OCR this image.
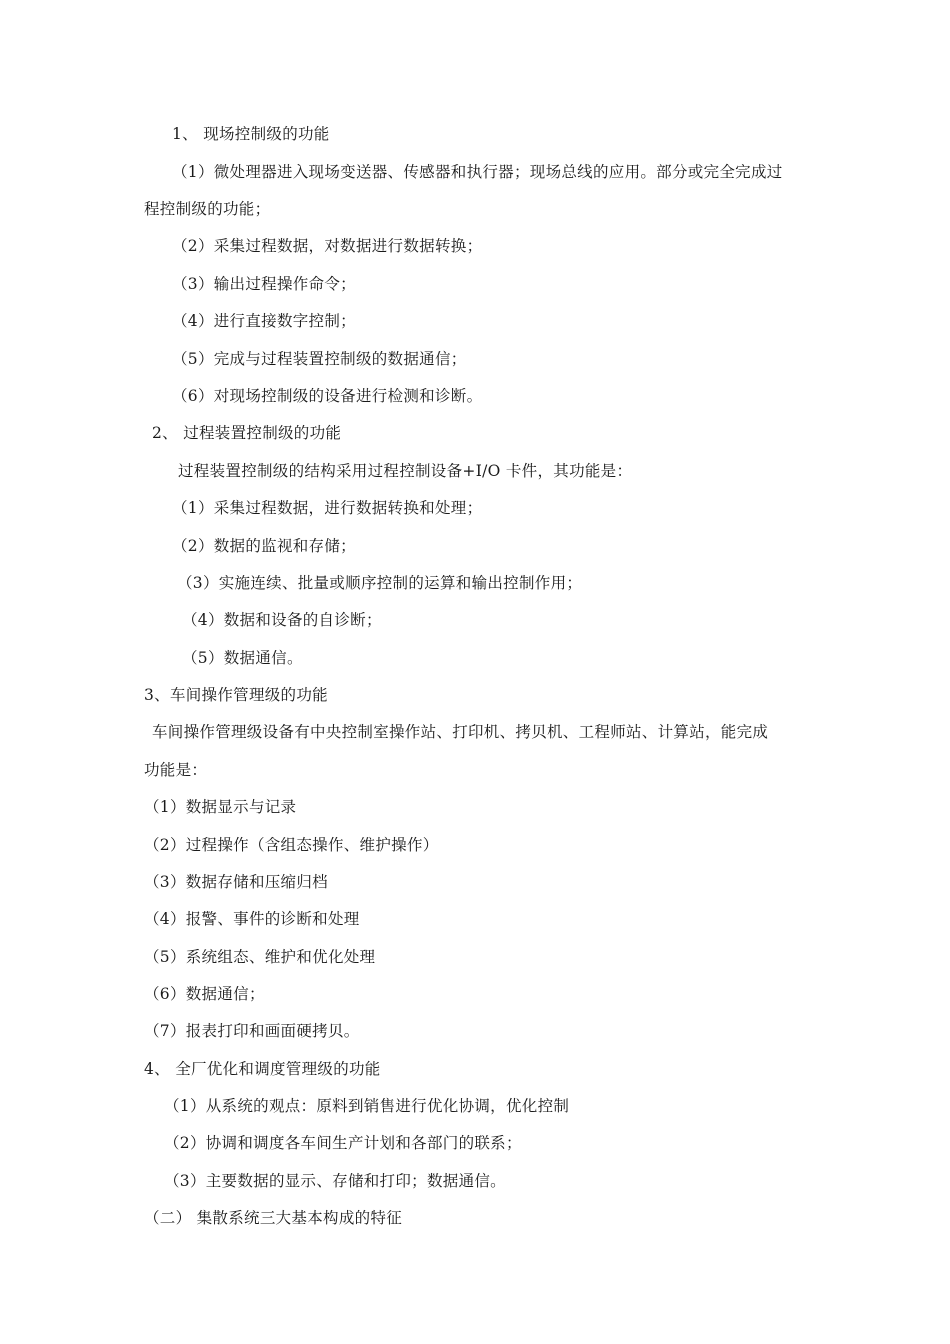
1、 现场控制级的功能
（1）微处理器进入现场变送器、传感器和执行器；现场总线的应用。部分或完全完成过
程控制级的功能；
（2）采集过程数据，对数据进行数据转换；
（3）输出过程操作命令；
（4）进行直接数字控制；
（5）完成与过程装置控制级的数据通信；
（6）对现场控制级的设备进行检测和诊断。
2、 过程装置控制级的功能
过程装置控制级的结构采用过程控制设备+I/O 卡件，其功能是：
（1）采集过程数据，进行数据转换和处理；
（2）数据的监视和存储；
（3）实施连续、批量或顺序控制的运算和输出控制作用；
（4）数据和设备的自诊断；
（5）数据通信。
3、车间操作管理级的功能
车间操作管理级设备有中央控制室操作站、打印机、拷贝机、工程师站、计算站，能完成
功能是：
（1）数据显示与记录
（2）过程操作（含组态操作、维护操作）
（3）数据存储和压缩归档
（4）报警、事件的诊断和处理
（5）系统组态、维护和优化处理
（6）数据通信；
（7）报表打印和画面硬拷贝。
4、 全厂优化和调度管理级的功能
（1）从系统的观点：原料到销售进行优化协调，优化控制
（2）协调和调度各车间生产计划和各部门的联系；
（3）主要数据的显示、存储和打印；数据通信。
（二） 集散系统三大基本构成的特征
